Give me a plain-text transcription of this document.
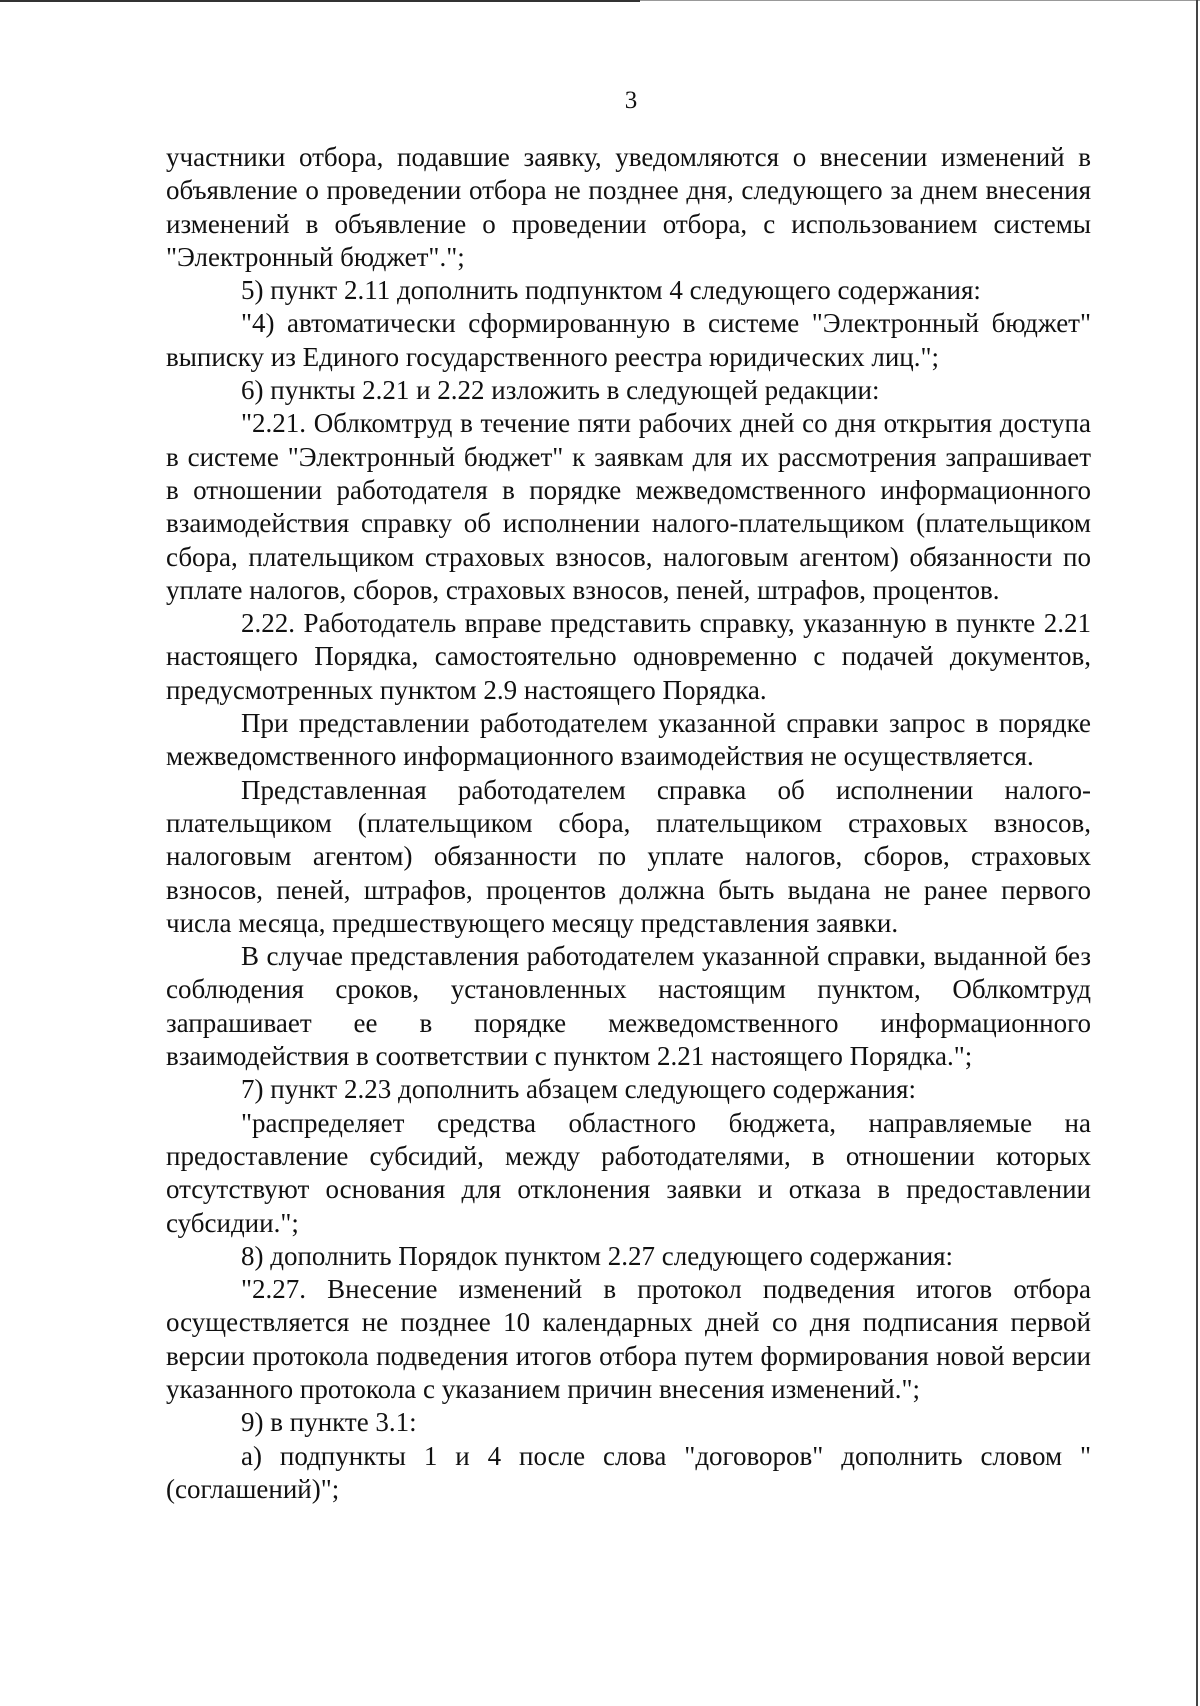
3

участники отбора, подавшие заявку, уведомляются о внесении изменений в объявление о проведении отбора не позднее дня, следующего за днем внесения изменений в объявление о проведении отбора, с использованием системы "Электронный бюджет".";

5) пункт 2.11 дополнить подпунктом 4 следующего содержания:

"4) автоматически сформированную в системе "Электронный бюджет" выписку из Единого государственного реестра юридических лиц.";

6) пункты 2.21 и 2.22 изложить в следующей редакции:

"2.21. Облкомтруд в течение пяти рабочих дней со дня открытия доступа в системе "Электронный бюджет" к заявкам для их рассмотрения запрашивает в отношении работодателя в порядке межведомственного информационного взаимодействия справку об исполнении налого-плательщиком (плательщиком сбора, плательщиком страховых взносов, налоговым агентом) обязанности по уплате налогов, сборов, страховых взносов, пеней, штрафов, процентов.

2.22. Работодатель вправе представить справку, указанную в пункте 2.21 настоящего Порядка, самостоятельно одновременно с подачей документов, предусмотренных пунктом 2.9 настоящего Порядка.

При представлении работодателем указанной справки запрос в порядке межведомственного информационного взаимодействия не осуществляется.

Представленная работодателем справка об исполнении налого-плательщиком (плательщиком сбора, плательщиком страховых взносов, налоговым агентом) обязанности по уплате налогов, сборов, страховых взносов, пеней, штрафов, процентов должна быть выдана не ранее первого числа месяца, предшествующего месяцу представления заявки.

В случае представления работодателем указанной справки, выданной без соблюдения сроков, установленных настоящим пунктом, Облкомтруд запрашивает ее в порядке межведомственного информационного взаимодействия в соответствии с пунктом 2.21 настоящего Порядка.";

7) пункт 2.23 дополнить абзацем следующего содержания:

"распределяет средства областного бюджета, направляемые на предоставление субсидий, между работодателями, в отношении которых отсутствуют основания для отклонения заявки и отказа в предоставлении субсидии.";

8) дополнить Порядок пунктом 2.27 следующего содержания:

"2.27. Внесение изменений в протокол подведения итогов отбора осуществляется не позднее 10 календарных дней со дня подписания первой версии протокола подведения итогов отбора путем формирования новой версии указанного протокола с указанием причин внесения изменений.";

9) в пункте 3.1:

а) подпункты 1 и 4 после слова "договоров" дополнить словом "(соглашений)";
